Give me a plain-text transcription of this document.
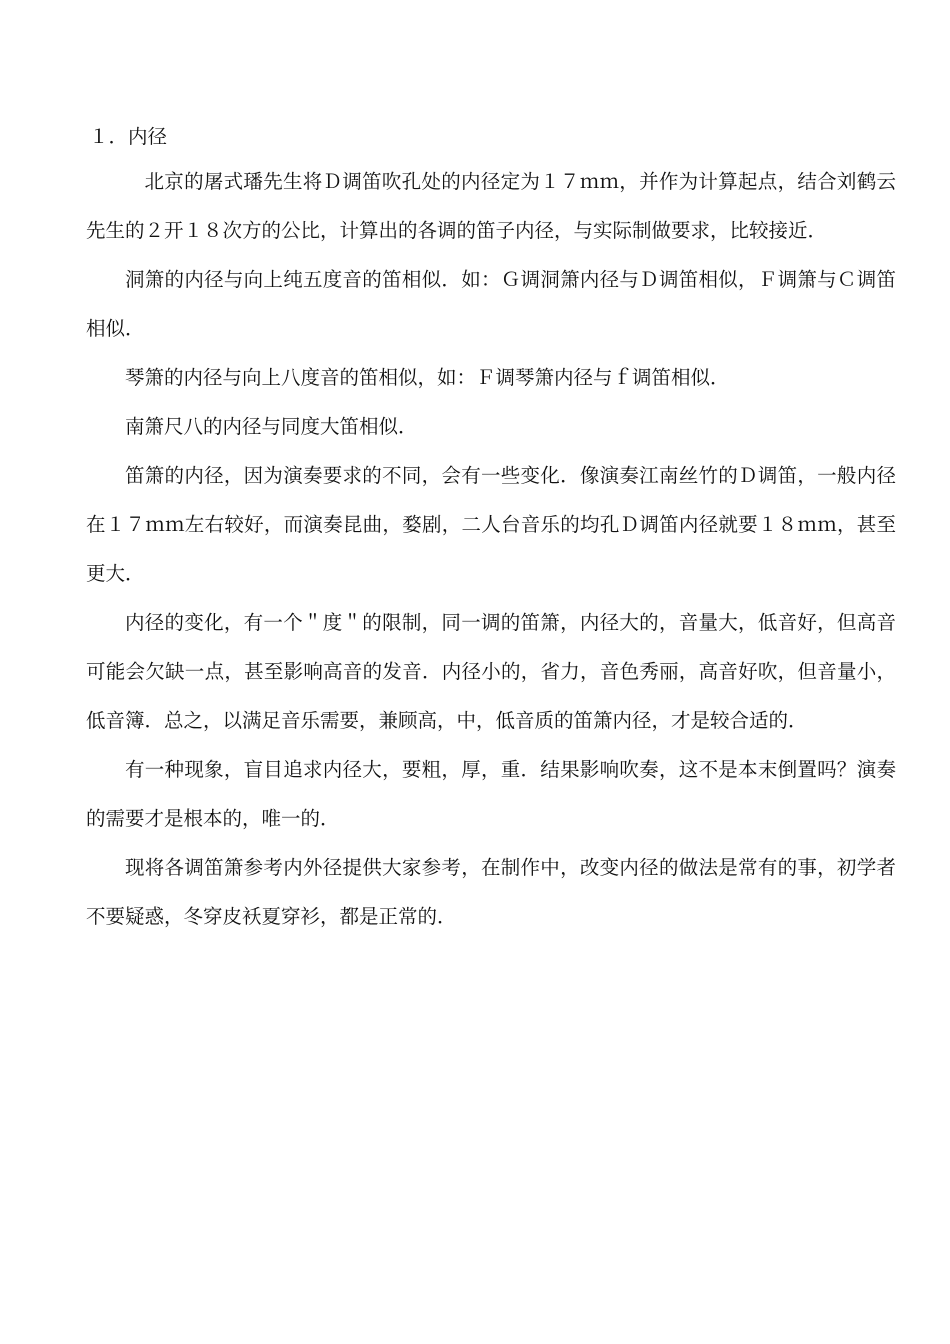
１．内径

北京的屠式璠先生将Ｄ调笛吹孔处的内径定为１７ｍｍ，并作为计算起点，结合刘鹤云先生的２开１８次方的公比，计算出的各调的笛子内径，与实际制做要求，比较接近．

洞箫的内径与向上纯五度音的笛相似．如：Ｇ调洞箫内径与Ｄ调笛相似，Ｆ调箫与Ｃ调笛相似．

琴箫的内径与向上八度音的笛相似，如：Ｆ调琴箫内径与ｆ调笛相似．

南箫尺八的内径与同度大笛相似．

笛箫的内径，因为演奏要求的不同，会有一些变化．像演奏江南丝竹的Ｄ调笛，一般内径在１７ｍｍ左右较好，而演奏昆曲，婺剧，二人台音乐的均孔Ｄ调笛内径就要１８ｍｍ，甚至更大．

内径的变化，有一个＂度＂的限制，同一调的笛箫，内径大的，音量大，低音好，但高音可能会欠缺一点，甚至影响高音的发音．内径小的，省力，音色秀丽，高音好吹，但音量小，低音簿．总之，以满足音乐需要，兼顾高，中，低音质的笛箫内径，才是较合适的．

有一种现象，盲目追求内径大，要粗，厚，重．结果影响吹奏，这不是本末倒置吗？演奏的需要才是根本的，唯一的．

现将各调笛箫参考内外径提供大家参考，在制作中，改变内径的做法是常有的事，初学者不要疑惑，冬穿皮袄夏穿衫，都是正常的．
